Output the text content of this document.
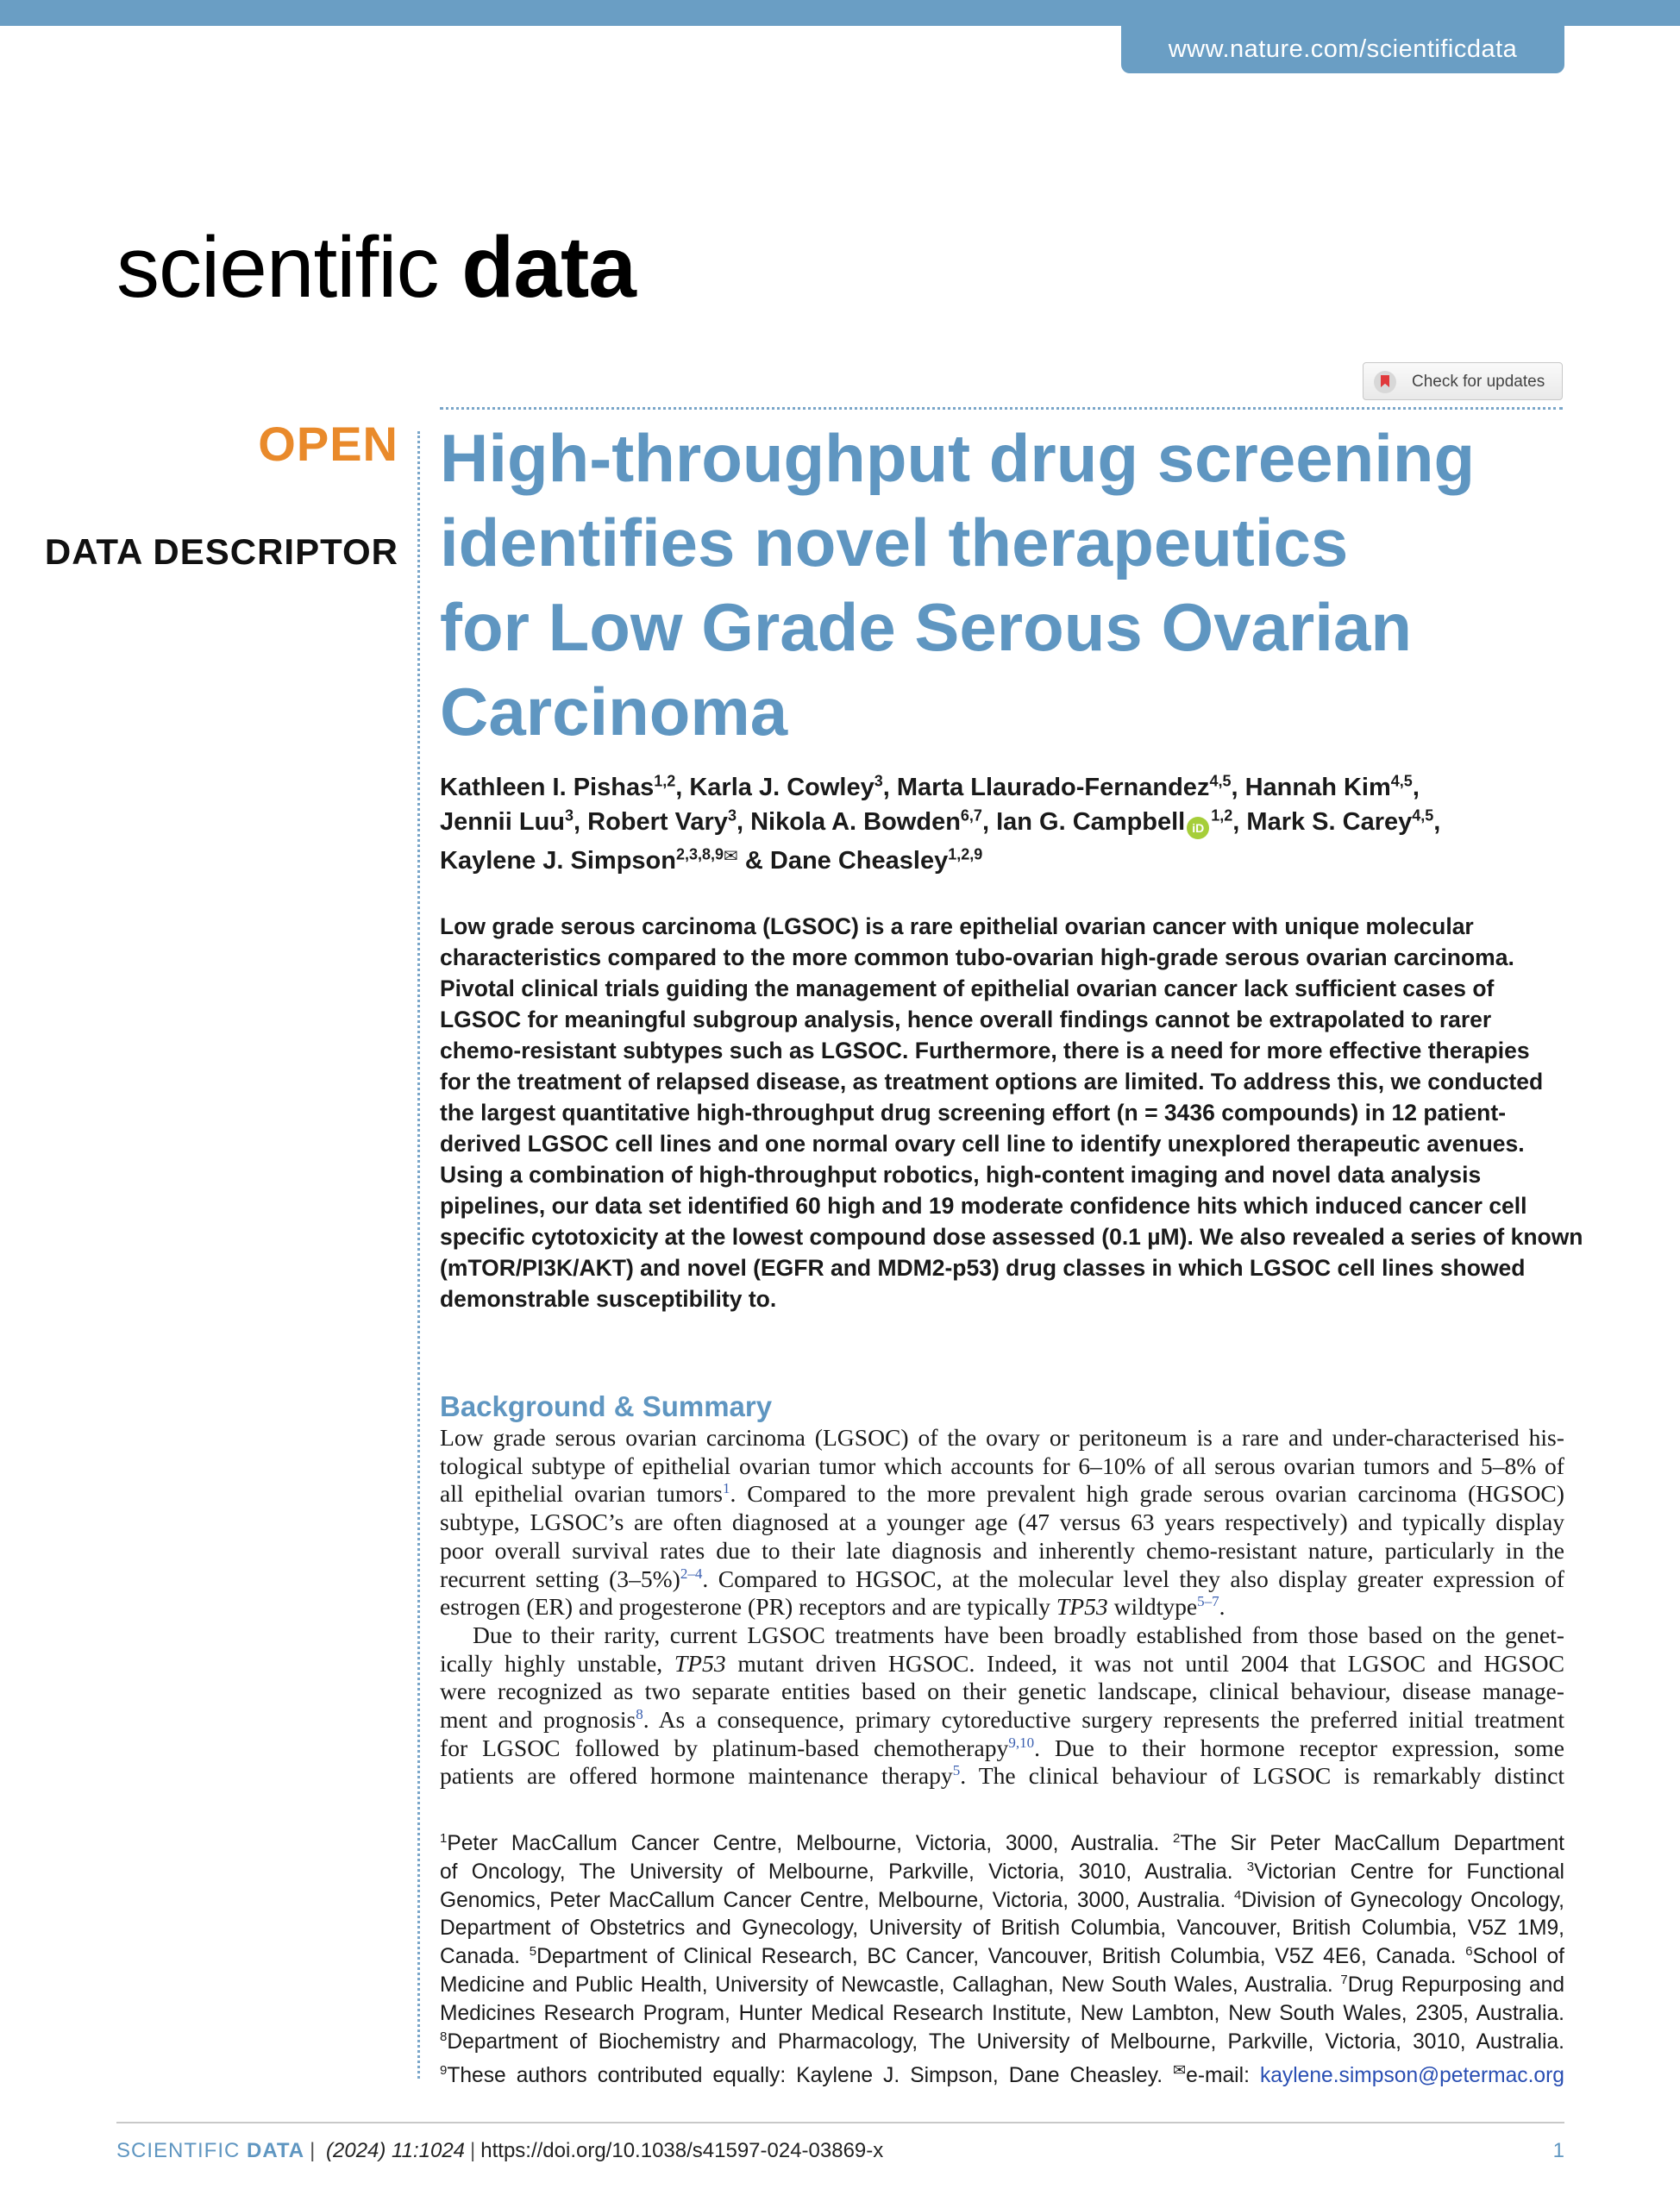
www.nature.com/scientificdata
scientific data
Check for updates
OPEN
DATA DESCRIPTOR
High-throughput drug screening
identifies novel therapeutics
for Low Grade Serous Ovarian
Carcinoma
Kathleen I. Pishas$^{1,2}$, Karla J. Cowley$^3$, Marta Llaurado-Fernandez$^{4,5}$, Hannah Kim$^{4,5}$,
Jennii Luu$^3$, Robert Vary$^3$, Nikola A. Bowden$^{6,7}$, Ian G. Campbell iD$^{1,2}$, Mark S. Carey$^{4,5}$,
Kaylene J. Simpson$^{2,3,8,9}$✉ & Dane Cheasley$^{1,2,9}$
Low grade serous carcinoma (LGSOC) is a rare epithelial ovarian cancer with unique molecular
characteristics compared to the more common tubo-ovarian high-grade serous ovarian carcinoma.
Pivotal clinical trials guiding the management of epithelial ovarian cancer lack sufficient cases of
LGSOC for meaningful subgroup analysis, hence overall findings cannot be extrapolated to rarer
chemo-resistant subtypes such as LGSOC. Furthermore, there is a need for more effective therapies
for the treatment of relapsed disease, as treatment options are limited. To address this, we conducted
the largest quantitative high-throughput drug screening effort (n = 3436 compounds) in 12 patient-
derived LGSOC cell lines and one normal ovary cell line to identify unexplored therapeutic avenues.
Using a combination of high-throughput robotics, high-content imaging and novel data analysis
pipelines, our data set identified 60 high and 19 moderate confidence hits which induced cancer cell
specific cytotoxicity at the lowest compound dose assessed (0.1 µM). We also revealed a series of known
(mTOR/PI3K/AKT) and novel (EGFR and MDM2-p53) drug classes in which LGSOC cell lines showed
demonstrable susceptibility to.
Background & Summary
Low grade serous ovarian carcinoma (LGSOC) of the ovary or peritoneum is a rare and under-characterised his-
tological subtype of epithelial ovarian tumor which accounts for 6–10% of all serous ovarian tumors and 5–8% of
all epithelial ovarian tumors$^1$. Compared to the more prevalent high grade serous ovarian carcinoma (HGSOC)
subtype, LGSOC’s are often diagnosed at a younger age (47 versus 63 years respectively) and typically display
poor overall survival rates due to their late diagnosis and inherently chemo-resistant nature, particularly in the
recurrent setting $(3-5\%)^{2-4}$. Compared to HGSOC, at the molecular level they also display greater expression of
estrogen (ER) and progesterone (PR) receptors and are typically TP53 wildtype$^{5-7}$.
Due to their rarity, current LGSOC treatments have been broadly established from those based on the genet-
ically highly unstable, TP53 mutant driven HGSOC. Indeed, it was not until 2004 that LGSOC and HGSOC
were recognized as two separate entities based on their genetic landscape, clinical behaviour, disease manage-
ment and prognosis$^8$. As a consequence, primary cytoreductive surgery represents the preferred initial treatment
for LGSOC followed by platinum-based chemotherapy$^{9,10}$. Due to their hormone receptor expression, some
patients are offered hormone maintenance therapy$^5$. The clinical behaviour of LGSOC is remarkably distinct
$^1$Peter MacCallum Cancer Centre, Melbourne, Victoria, 3000, Australia. $^2$The Sir Peter MacCallum Department
of Oncology, The University of Melbourne, Parkville, Victoria, 3010, Australia. $^3$Victorian Centre for Functional
Genomics, Peter MacCallum Cancer Centre, Melbourne, Victoria, 3000, Australia. $^4$Division of Gynecology Oncology,
Department of Obstetrics and Gynecology, University of British Columbia, Vancouver, British Columbia, V5Z 1M9,
Canada. $^5$Department of Clinical Research, BC Cancer, Vancouver, British Columbia, V5Z 4E6, Canada. $^6$School of
Medicine and Public Health, University of Newcastle, Callaghan, New South Wales, Australia. $^7$Drug Repurposing and
Medicines Research Program, Hunter Medical Research Institute, New Lambton, New South Wales, 2305, Australia.
$^8$Department of Biochemistry and Pharmacology, The University of Melbourne, Parkville, Victoria, 3010, Australia.
$^9$These authors contributed equally: Kaylene J. Simpson, Dane Cheasley. ✉e-mail: kaylene.simpson@petermac.org
SCIENTIFIC DATA | (2024) 11:1024 | https://doi.org/10.1038/s41597-024-03869-x	1
